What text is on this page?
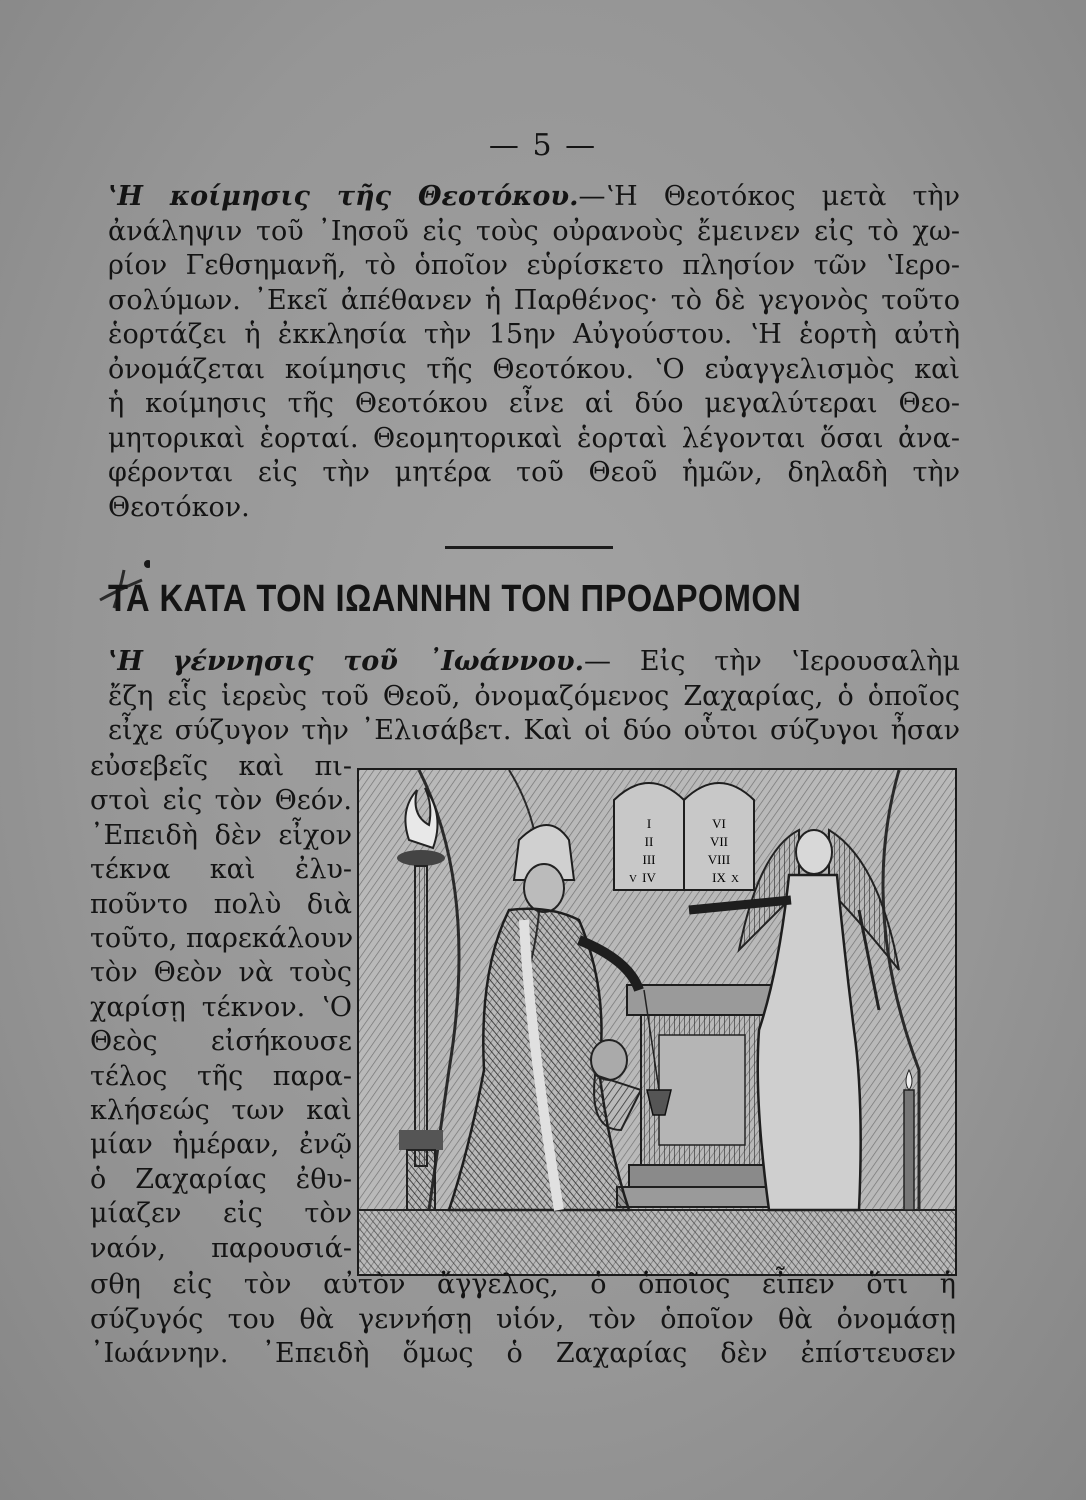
— 5 —
ʽΗ κοίμησις τῆς Θεοτόκου.—ʽΗ Θεοτόκος μετὰ τὴν
ἀνάληψιν τοῦ ᾿Ιησοῦ εἰς τοὺς οὐρανοὺς ἔμεινεν εἰς τὸ χω-
ρίον Γεθσημανῆ, τὸ ὁποῖον εὑρίσκετο πλησίον τῶν ʽΙερο-
σολύμων. ᾿Εκεῖ ἀπέθανεν ἡ Παρθένος· τὸ δὲ γεγονὸς τοῦτο
ἑορτάζει ἡ ἐκκλησία τὴν 15ην Αὐγούστου. ʽΗ ἑορτὴ αὐτὴ
ὀνομάζεται κοίμησις τῆς Θεοτόκου. ʽΟ εὐαγγελισμὸς καὶ
ἡ κοίμησις τῆς Θεοτόκου εἶνε αἱ δύο μεγαλύτεραι Θεο-
μητορικαὶ ἑορταί. Θεομητορικαὶ ἑορταὶ λέγονται ὅσαι ἀνα-
φέρονται εἰς τὴν μητέρα τοῦ Θεοῦ ἡμῶν, δηλαδὴ τὴν
Θεοτόκον.
ΤΑ ΚΑΤΑ ΤΟΝ ΙΩΑΝΝΗΝ ΤΟΝ ΠΡΟΔΡΟΜΟΝ
ʽΗ γέννησις τοῦ ᾿Ιωάννου.— Εἰς τὴν ʽΙερουσαλὴμ
ἔζη εἷς ἱερεὺς τοῦ Θεοῦ, ὀνομαζόμενος Ζαχαρίας, ὁ ὁποῖος
εἶχε σύζυγον τὴν ᾿Ελισάβετ. Καὶ οἱ δύο οὗτοι σύζυγοι ἦσαν
εὐσεβεῖς καὶ πι-
στοὶ εἰς τὸν Θεόν.
᾿Επειδὴ δὲν εἶχον
τέκνα καὶ ἐλυ-
ποῦντο πολὺ διὰ
τοῦτο, παρεκάλουν
τὸν Θεὸν νὰ τοὺς
χαρίσῃ τέκνον. ʽΟ
Θεὸς εἰσήκουσε
τέλος τῆς παρα-
κλήσεώς των καὶ
μίαν ἡμέραν, ἐνῷ
ὁ Ζαχαρίας ἐθυ-
μίαζεν εἰς τὸν
ναόν, παρουσιά-
I
II
III
IV
V
VI
VII
VIII
IX X
σθη εἰς τὸν αὐτὸν ἄγγελος, ὁ ὁποῖος εἶπεν ὅτι ἡ
σύζυγός του θὰ γεννήσῃ υἱόν, τὸν ὁποῖον θὰ ὀνομάσῃ
᾿Ιωάννην. ᾿Επειδὴ ὅμως ὁ Ζαχαρίας δὲν ἐπίστευσεν
